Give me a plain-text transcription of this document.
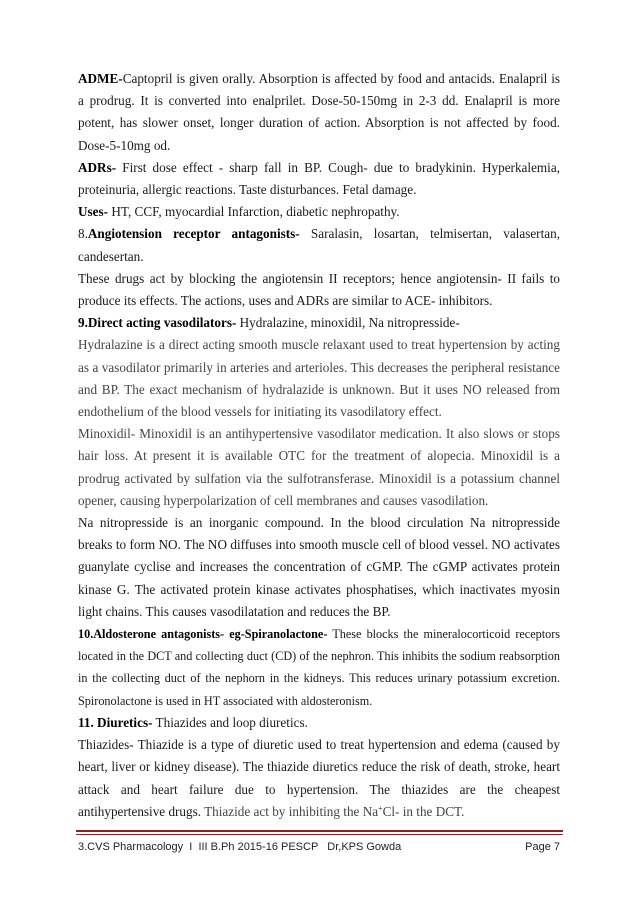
ADME-Captopril is given orally. Absorption is affected by food and antacids. Enalapril is a prodrug. It is converted into enalprilet. Dose-50-150mg in 2-3 dd. Enalapril is more potent, has slower onset, longer duration of action. Absorption is not affected by food. Dose-5-10mg od.

ADRs- First dose effect - sharp fall in BP. Cough- due to bradykinin. Hyperkalemia, proteinuria, allergic reactions. Taste disturbances. Fetal damage.

Uses- HT, CCF, myocardial Infarction, diabetic nephropathy.

8.Angiotension receptor antagonists- Saralasin, losartan, telmisertan, valasertan, candesertan.

These drugs act by blocking the angiotensin II receptors; hence angiotensin- II fails to produce its effects. The actions, uses and ADRs are similar to ACE- inhibitors.

9.Direct acting vasodilators- Hydralazine, minoxidil, Na nitropresside-

Hydralazine is a direct acting smooth muscle relaxant used to treat hypertension by acting as a vasodilator primarily in arteries and arterioles. This decreases the peripheral resistance and BP. The exact mechanism of hydralazide is unknown. But it uses NO released from endothelium of the blood vessels for initiating its vasodilatory effect.

Minoxidil- Minoxidil is an antihypertensive vasodilator medication. It also slows or stops hair loss. At present it is available OTC for the treatment of alopecia. Minoxidil is a prodrug activated by sulfation via the sulfotransferase. Minoxidil is a potassium channel opener, causing hyperpolarization of cell membranes and causes vasodilation.

Na nitropresside is an inorganic compound. In the blood circulation Na nitropresside breaks to form NO. The NO diffuses into smooth muscle cell of blood vessel. NO activates guanylate cyclise and increases the concentration of cGMP. The cGMP activates protein kinase G. The activated protein kinase activates phosphatises, which inactivates myosin light chains. This causes vasodilatation and reduces the BP.

10.Aldosterone antagonists- eg-Spiranolactone- These blocks the mineralocorticoid receptors located in the DCT and collecting duct (CD) of the nephron. This inhibits the sodium reabsorption in the collecting duct of the nephorn in the kidneys. This reduces urinary potassium excretion. Spironolactone is used in HT associated with aldosteronism.

11. Diuretics- Thiazides and loop diuretics.

Thiazides- Thiazide is a type of diuretic used to treat hypertension and edema (caused by heart, liver or kidney disease). The thiazide diuretics reduce the risk of death, stroke, heart attack and heart failure due to hypertension. The thiazides are the cheapest antihypertensive drugs. Thiazide act by inhibiting the Na+Cl- in the DCT.

3.CVS Pharmacology  I  III B.Ph 2015-16 PESCP   Dr,KPS Gowda	Page 7
